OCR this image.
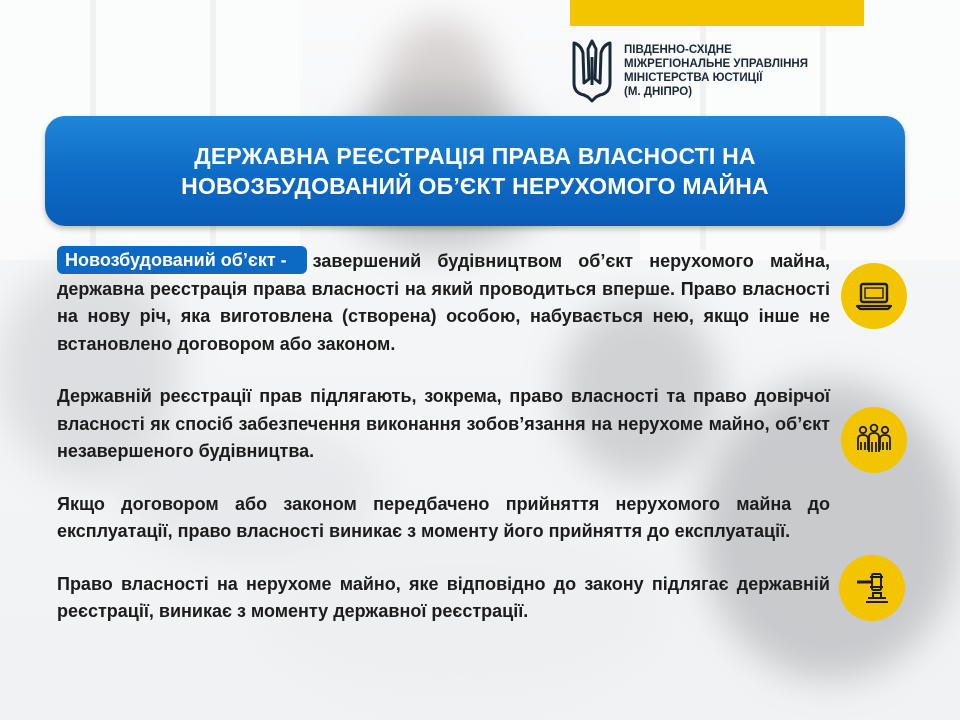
ПІВДЕННО-СХІДНЕ
МІЖРЕГІОНАЛЬНЕ УПРАВЛІННЯ
МІНІСТЕРСТВА ЮСТИЦІЇ
(М. ДНІПРО)
ДЕРЖАВНА РЕЄСТРАЦІЯ ПРАВА ВЛАСНОСТІ НА
НОВОЗБУДОВАНИЙ ОБ’ЄКТ НЕРУХОМОГО МАЙНА

Новозбудований об’єкт - завершений будівництвом об’єкт нерухомого майна, державна реєстрація права власності на який проводиться вперше. Право власності на нову річ, яка виготовлена (створена) особою, набувається нею, якщо інше не встановлено договором або законом.

Державній реєстрації прав підлягають, зокрема, право власності та право довірчої власності як спосіб забезпечення виконання зобов’язання на нерухоме майно, об’єкт незавершеного будівництва.

Якщо договором або законом передбачено прийняття нерухомого майна до експлуатації, право власності виникає з моменту його прийняття до експлуатації.

Право власності на нерухоме майно, яке відповідно до закону підлягає державній реєстрації, виникає з моменту державної реєстрації.
